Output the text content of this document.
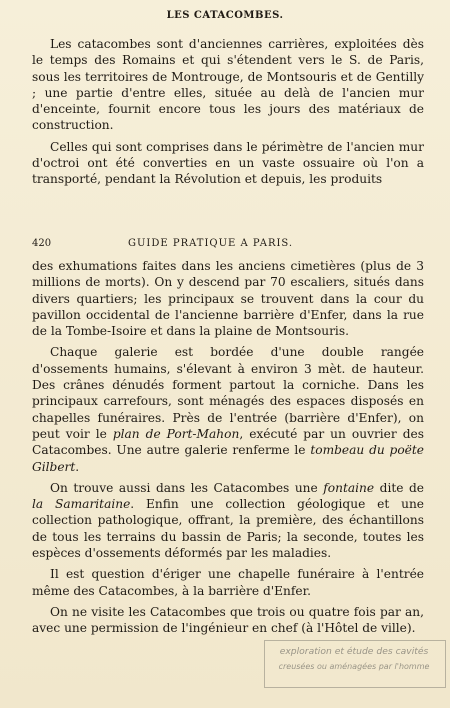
LES CATACOMBES.

Les catacombes sont d'anciennes carrières, exploitées dès le temps des Romains et qui s'étendent vers le S. de Paris, sous les territoires de Montrouge, de Montsouris et de Gentilly ; une partie d'entre elles, située au delà de l'ancien mur d'enceinte, fournit encore tous les jours des matériaux de construction.

Celles qui sont comprises dans le périmètre de l'ancien mur d'octroi ont été converties en un vaste ossuaire où l'on a transporté, pendant la Révolution et depuis, les produits

420	GUIDE PRATIQUE A PARIS.

des exhumations faites dans les anciens cimetières (plus de 3 millions de morts). On y descend par 70 escaliers, situés dans divers quartiers; les principaux se trouvent dans la cour du pavillon occidental de l'ancienne barrière d'Enfer, dans la rue de la Tombe-Isoire et dans la plaine de Montsouris.

Chaque galerie est bordée d'une double rangée d'ossements humains, s'élevant à environ 3 mèt. de hauteur. Des crânes dénudés forment partout la corniche. Dans les principaux carrefours, sont ménagés des espaces disposés en chapelles funéraires. Près de l'entrée (barrière d'Enfer), on peut voir le plan de Port-Mahon, exécuté par un ouvrier des Catacombes. Une autre galerie renferme le tombeau du poëte Gilbert.

On trouve aussi dans les Catacombes une fontaine dite de la Samaritaine. Enfin une collection géologique et une collection pathologique, offrant, la première, des échantillons de tous les terrains du bassin de Paris; la seconde, toutes les espèces d'ossements déformés par les maladies.

Il est question d'ériger une chapelle funéraire à l'entrée même des Catacombes, à la barrière d'Enfer.

On ne visite les Catacombes que trois ou quatre fois par an, avec une permission de l'ingénieur en chef (à l'Hôtel de ville).

exploration et étude des cavités
creusées ou aménagées par l'homme
